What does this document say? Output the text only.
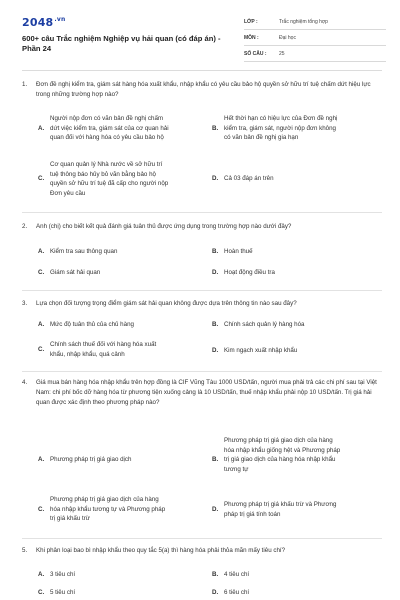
$2048^{.vn}$
600+ câu Trắc nghiệm Nghiệp vụ hải quan (có đáp án) - Phần 24
LỚP :	Trắc nghiệm tổng hợp
MÔN :	Đại học
SỐ CÂU :	25
1. Đơn đề nghị kiểm tra, giám sát hàng hóa xuất khẩu, nhập khẩu có yêu cầu bảo hộ quyền sở hữu trí tuệ chấm dứt hiệu lực trong những trường hợp nào?
A.
Người nộp đơn có văn bản đề nghị chấm
dứt việc kiểm tra, giám sát của cơ quan hải
quan đối với hàng hóa có yêu cầu bảo hộ
B.
Hết thời hạn có hiệu lực của Đơn đề nghị
kiểm tra, giám sát, người nộp đơn không
có văn bản đề nghị gia hạn
C.
Cơ quan quản lý Nhà nước về sở hữu trí
tuệ thông báo hủy bỏ văn bằng bảo hộ
quyền sở hữu trí tuệ đã cấp cho người nộp
Đơn yêu cầu
D. Cả 03 đáp án trên
2. Anh (chị) cho biết kết quả đánh giá tuân thủ được ứng dụng trong trường hợp nào dưới đây?
A. Kiểm tra sau thông quan	B. Hoàn thuế
C. Giám sát hải quan	D. Hoạt động điều tra
3. Lựa chọn đối tượng trọng điểm giám sát hải quan không được dựa trên thông tin nào sau đây?
A. Mức độ tuân thủ của chủ hàng	B. Chính sách quản lý hàng hóa
C.
Chính sách thuế đối với hàng hóa xuất
khẩu, nhập khẩu, quá cảnh
D. Kim ngạch xuất nhập khẩu
4. Giá mua bán hàng hóa nhập khẩu trên hợp đồng là CIF Vũng Tàu 1000 USD/tấn, người mua phải trả các chi phí sau tại Việt Nam: chi phí bốc dỡ hàng hóa từ phương tiện xuống cảng là 10 USD/tấn, thuế nhập khẩu phải nộp 10 USD/tấn. Trị giá hải quan được xác định theo phương pháp nào?
A. Phương pháp trị giá giao dịch	B.
Phương pháp trị giá giao dịch của hàng
hóa nhập khẩu giống hệt và Phương pháp
trị giá giao dịch của hàng hóa nhập khẩu
tương tự
C.
Phương pháp trị giá giao dịch của hàng
hóa nhập khẩu tương tự và Phương pháp
trị giá khấu trừ
D.
Phương pháp trị giá khấu trừ và Phương
pháp trị giá tính toán
5. Khi phân loại bao bì nhập khẩu theo quy tắc 5(a) thì hàng hóa phải thỏa mãn mấy tiêu chí?
A. 3 tiêu chí	B. 4 tiêu chí
C. 5 tiêu chí	D. 6 tiêu chí
